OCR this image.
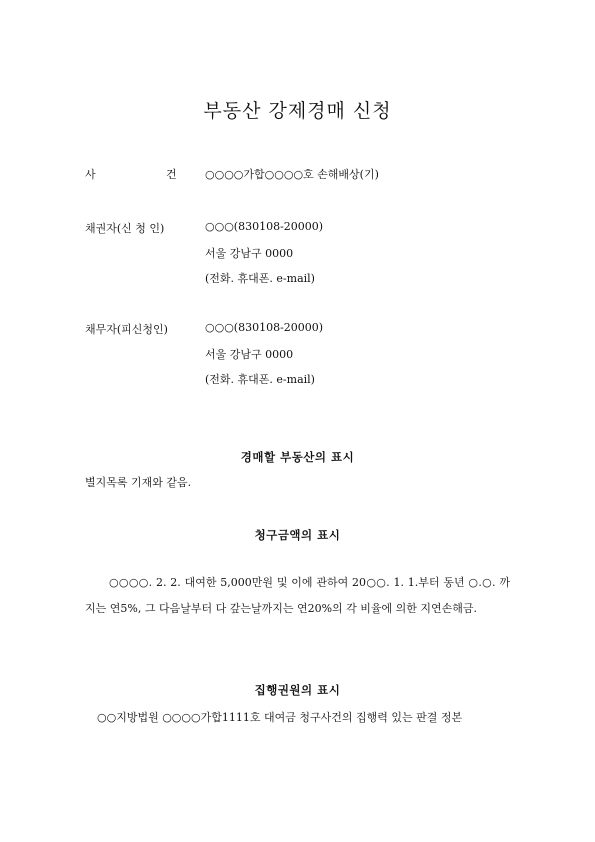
부동산 강제경매 신청
사	건	○○○○가합○○○○호 손해배상(기)
채권자(신 청 인)	○○○(830108-20000)
서울 강남구 0000
(전화. 휴대폰. e-mail)
채무자(피신청인)	○○○(830108-20000)
서울 강남구 0000
(전화. 휴대폰. e-mail)
경매할 부동산의 표시
별지목록 기재와 같음.
청구금액의 표시
○○○○. 2. 2. 대여한 5,000만원 및 이에 관하여 20○○. 1. 1.부터 동년 ○.○. 까지는 연5%, 그 다음날부터 다 갚는날까지는 연20%의 각 비율에 의한 지연손해금.
집행권원의 표시
○○지방법원 ○○○○가합1111호 대여금 청구사건의 집행력 있는 판결 정본
